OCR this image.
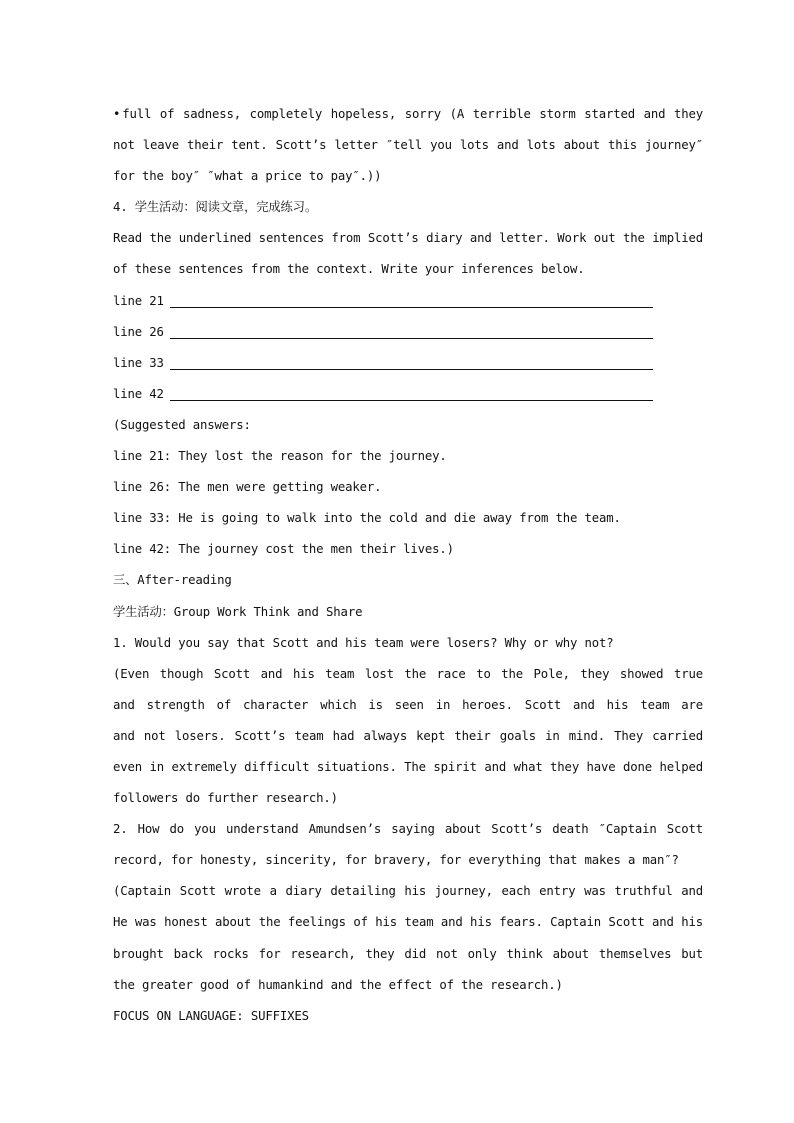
• full of sadness, completely hopeless, sorry (A terrible storm started and they
not leave their tent. Scott’s letter ″tell you lots and lots about this journey″
for the boy″ ″what a price to pay″.))
4. 学生活动：阅读文章，完成练习。
Read the underlined sentences from Scott’s diary and letter. Work out the implied
of these sentences from the context. Write your inferences below.
line 21
line 26
line 33
line 42
(Suggested answers:
line 21: They lost the reason for the journey.
line 26: The men were getting weaker.
line 33: He is going to walk into the cold and die away from the team.
line 42: The journey cost the men their lives.)
三、After-reading
学生活动：Group Work Think and Share
1. Would you say that Scott and his team were losers? Why or why not?
(Even though Scott and his team lost the race to the Pole, they showed true
and strength of character which is seen in heroes. Scott and his team are
and not losers. Scott’s team had always kept their goals in mind. They carried
even in extremely difficult situations. The spirit and what they have done helped
followers do further research.)
2. How do you understand Amundsen’s saying about Scott’s death ″Captain Scott
record, for honesty, sincerity, for bravery, for everything that makes a man″?
(Captain Scott wrote a diary detailing his journey, each entry was truthful and
He was honest about the feelings of his team and his fears. Captain Scott and his
brought back rocks for research, they did not only think about themselves but
the greater good of humankind and the effect of the research.)
FOCUS ON LANGUAGE: SUFFIXES
